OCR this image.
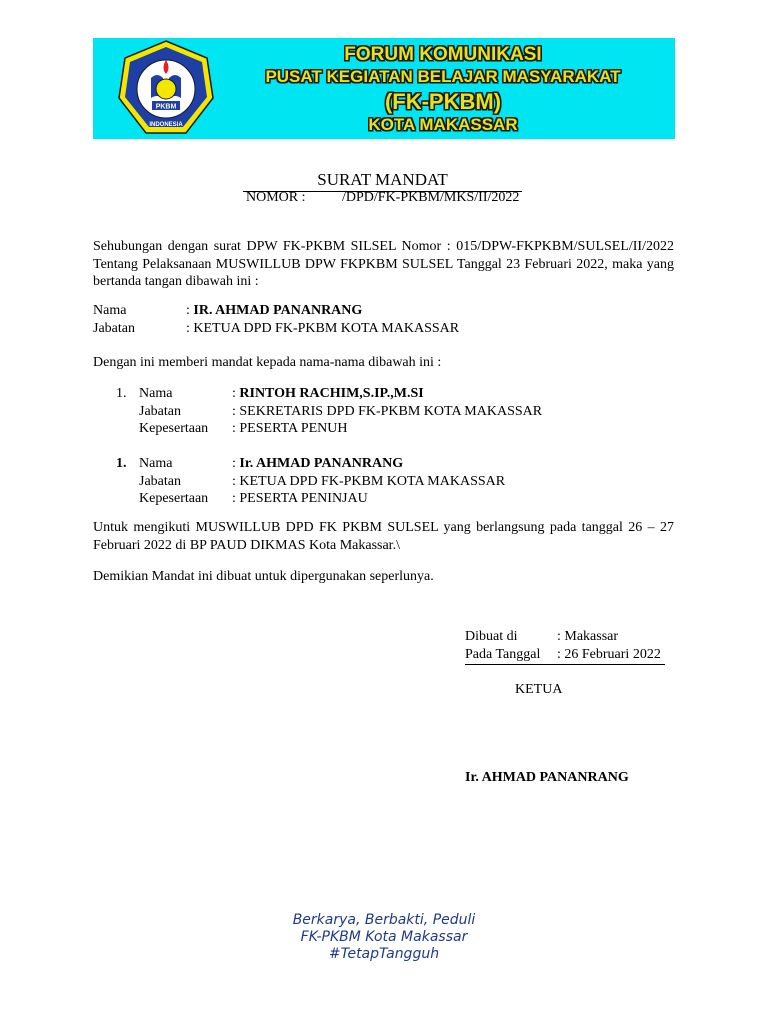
PKBM
INDONESIA
FORUM KOMUNIKASI
PUSAT KEGIATAN BELAJAR MASYARAKAT
(FK-PKBM)
KOTA MAKASSAR
SURAT MANDAT
NOMOR :	/DPD/FK-PKBM/MKS/II/2022
Sehubungan dengan surat DPW FK-PKBM SILSEL Nomor : 015/DPW-FKPKBM/SULSEL/II/2022 Tentang Pelaksanaan MUSWILLUB DPW FKPKBM SULSEL Tanggal 23 Februari 2022, maka yang bertanda tangan dibawah ini :
Nama	: IR. AHMAD PANANRANG
Jabatan	: KETUA DPD FK-PKBM KOTA MAKASSAR
Dengan ini memberi mandat kepada nama-nama dibawah ini :
1. Nama	: RINTOH RACHIM,S.IP.,M.SI
Jabatan	: SEKRETARIS DPD FK-PKBM KOTA MAKASSAR
Kepesertaan : PESERTA PENUH
1. Nama	: Ir. AHMAD PANANRANG
Jabatan	: KETUA DPD FK-PKBM KOTA MAKASSAR
Kepesertaan : PESERTA PENINJAU
Untuk mengikuti MUSWILLUB DPD FK PKBM SULSEL yang berlangsung pada tanggal 26 – 27 Februari 2022 di BP PAUD DIKMAS Kota Makassar.\
Demikian Mandat ini dibuat untuk dipergunakan seperlunya.
Dibuat di	: Makassar
Pada Tanggal : 26 Februari 2022
KETUA
Ir. AHMAD PANANRANG
Berkarya, Berbakti, Peduli
FK-PKBM Kota Makassar
#TetapTangguh
